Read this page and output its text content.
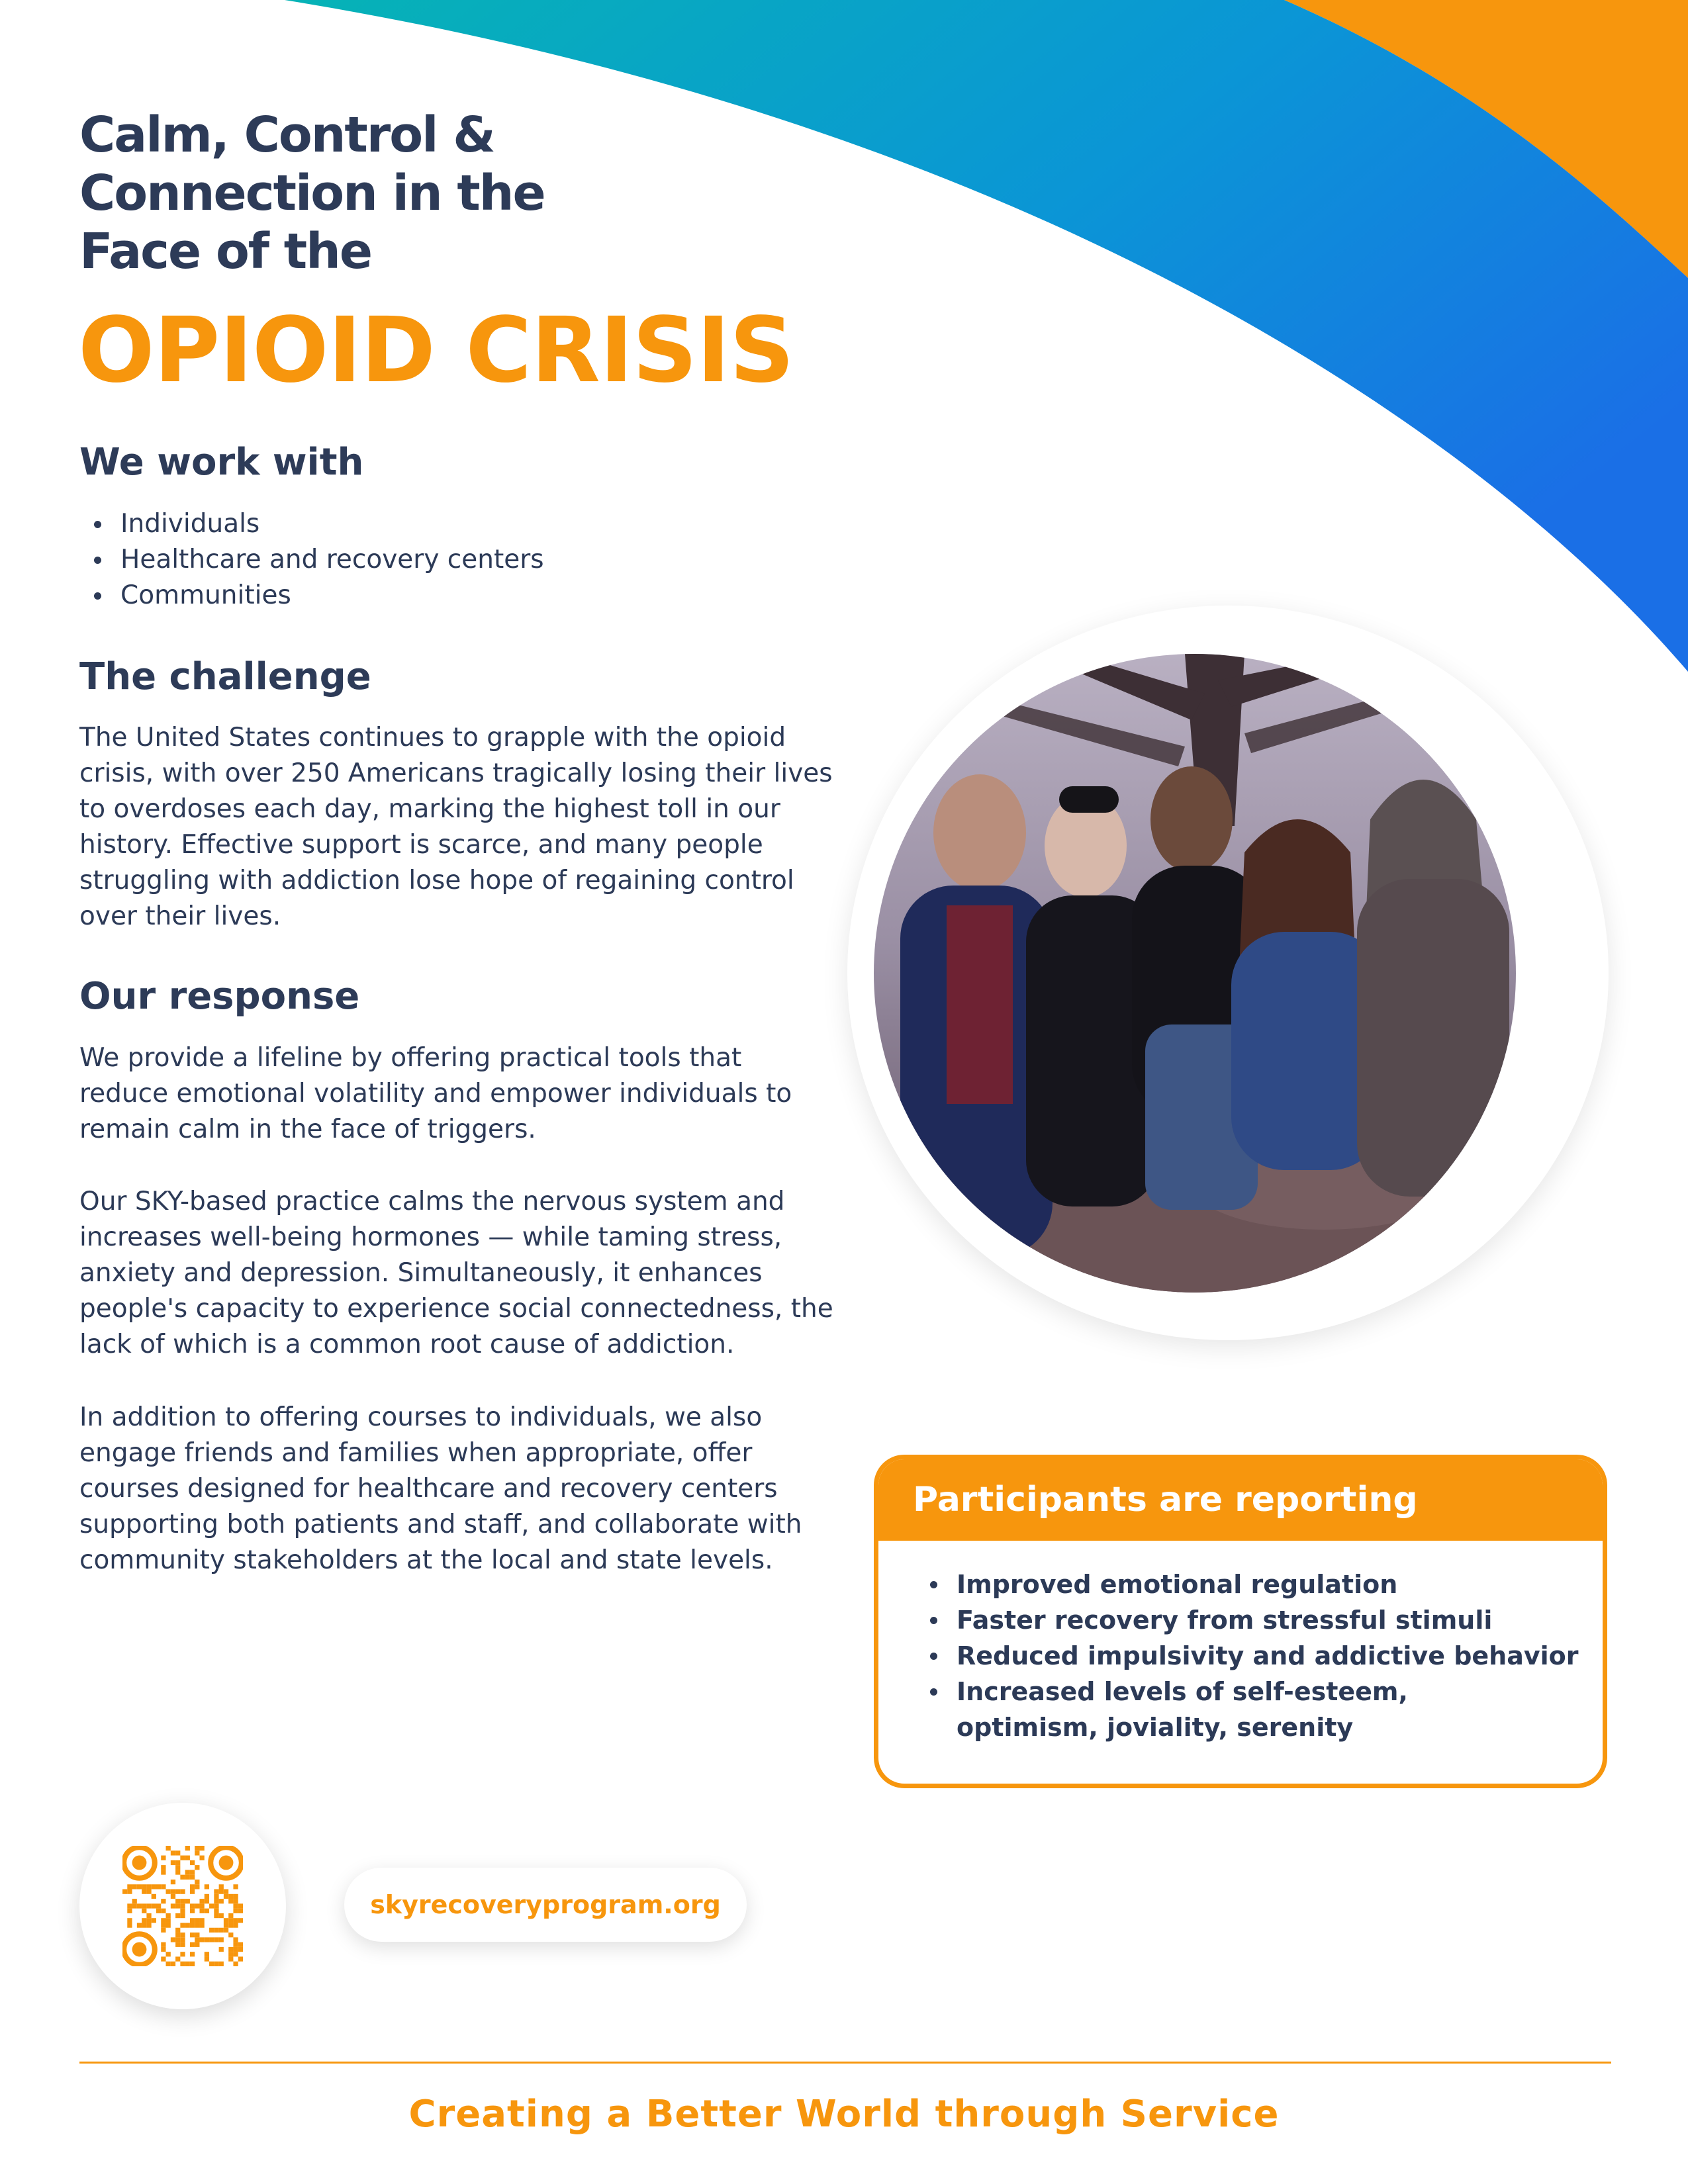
Calm, Control &
Connection in the
Face of the
OPIOID CRISIS
We work with
Individuals
Healthcare and recovery centers
Communities
The challenge

The United States continues to grapple with the opioid crisis, with over 250 Americans tragically losing their lives to overdoses each day, marking the highest toll in our history. Effective support is scarce, and many people struggling with addiction lose hope of regaining control over their lives.

Our response

We provide a lifeline by offering practical tools that reduce emotional volatility and empower individuals to remain calm in the face of triggers.

Our SKY-based practice calms the nervous system and increases well-being hormones — while taming stress, anxiety and depression. Simultaneously, it enhances people's capacity to experience social connectedness, the lack of which is a common root cause of addiction.

In addition to offering courses to individuals, we also engage friends and families when appropriate, offer courses designed for healthcare and recovery centers supporting both patients and staff, and collaborate with community stakeholders at the local and state levels.

Participants are reporting
Improved emotional regulation
Faster recovery from stressful stimuli
Reduced impulsivity and addictive behavior
Increased levels of self-esteem, optimism, joviality, serenity
skyrecoveryprogram.org
Creating a Better World through Service
